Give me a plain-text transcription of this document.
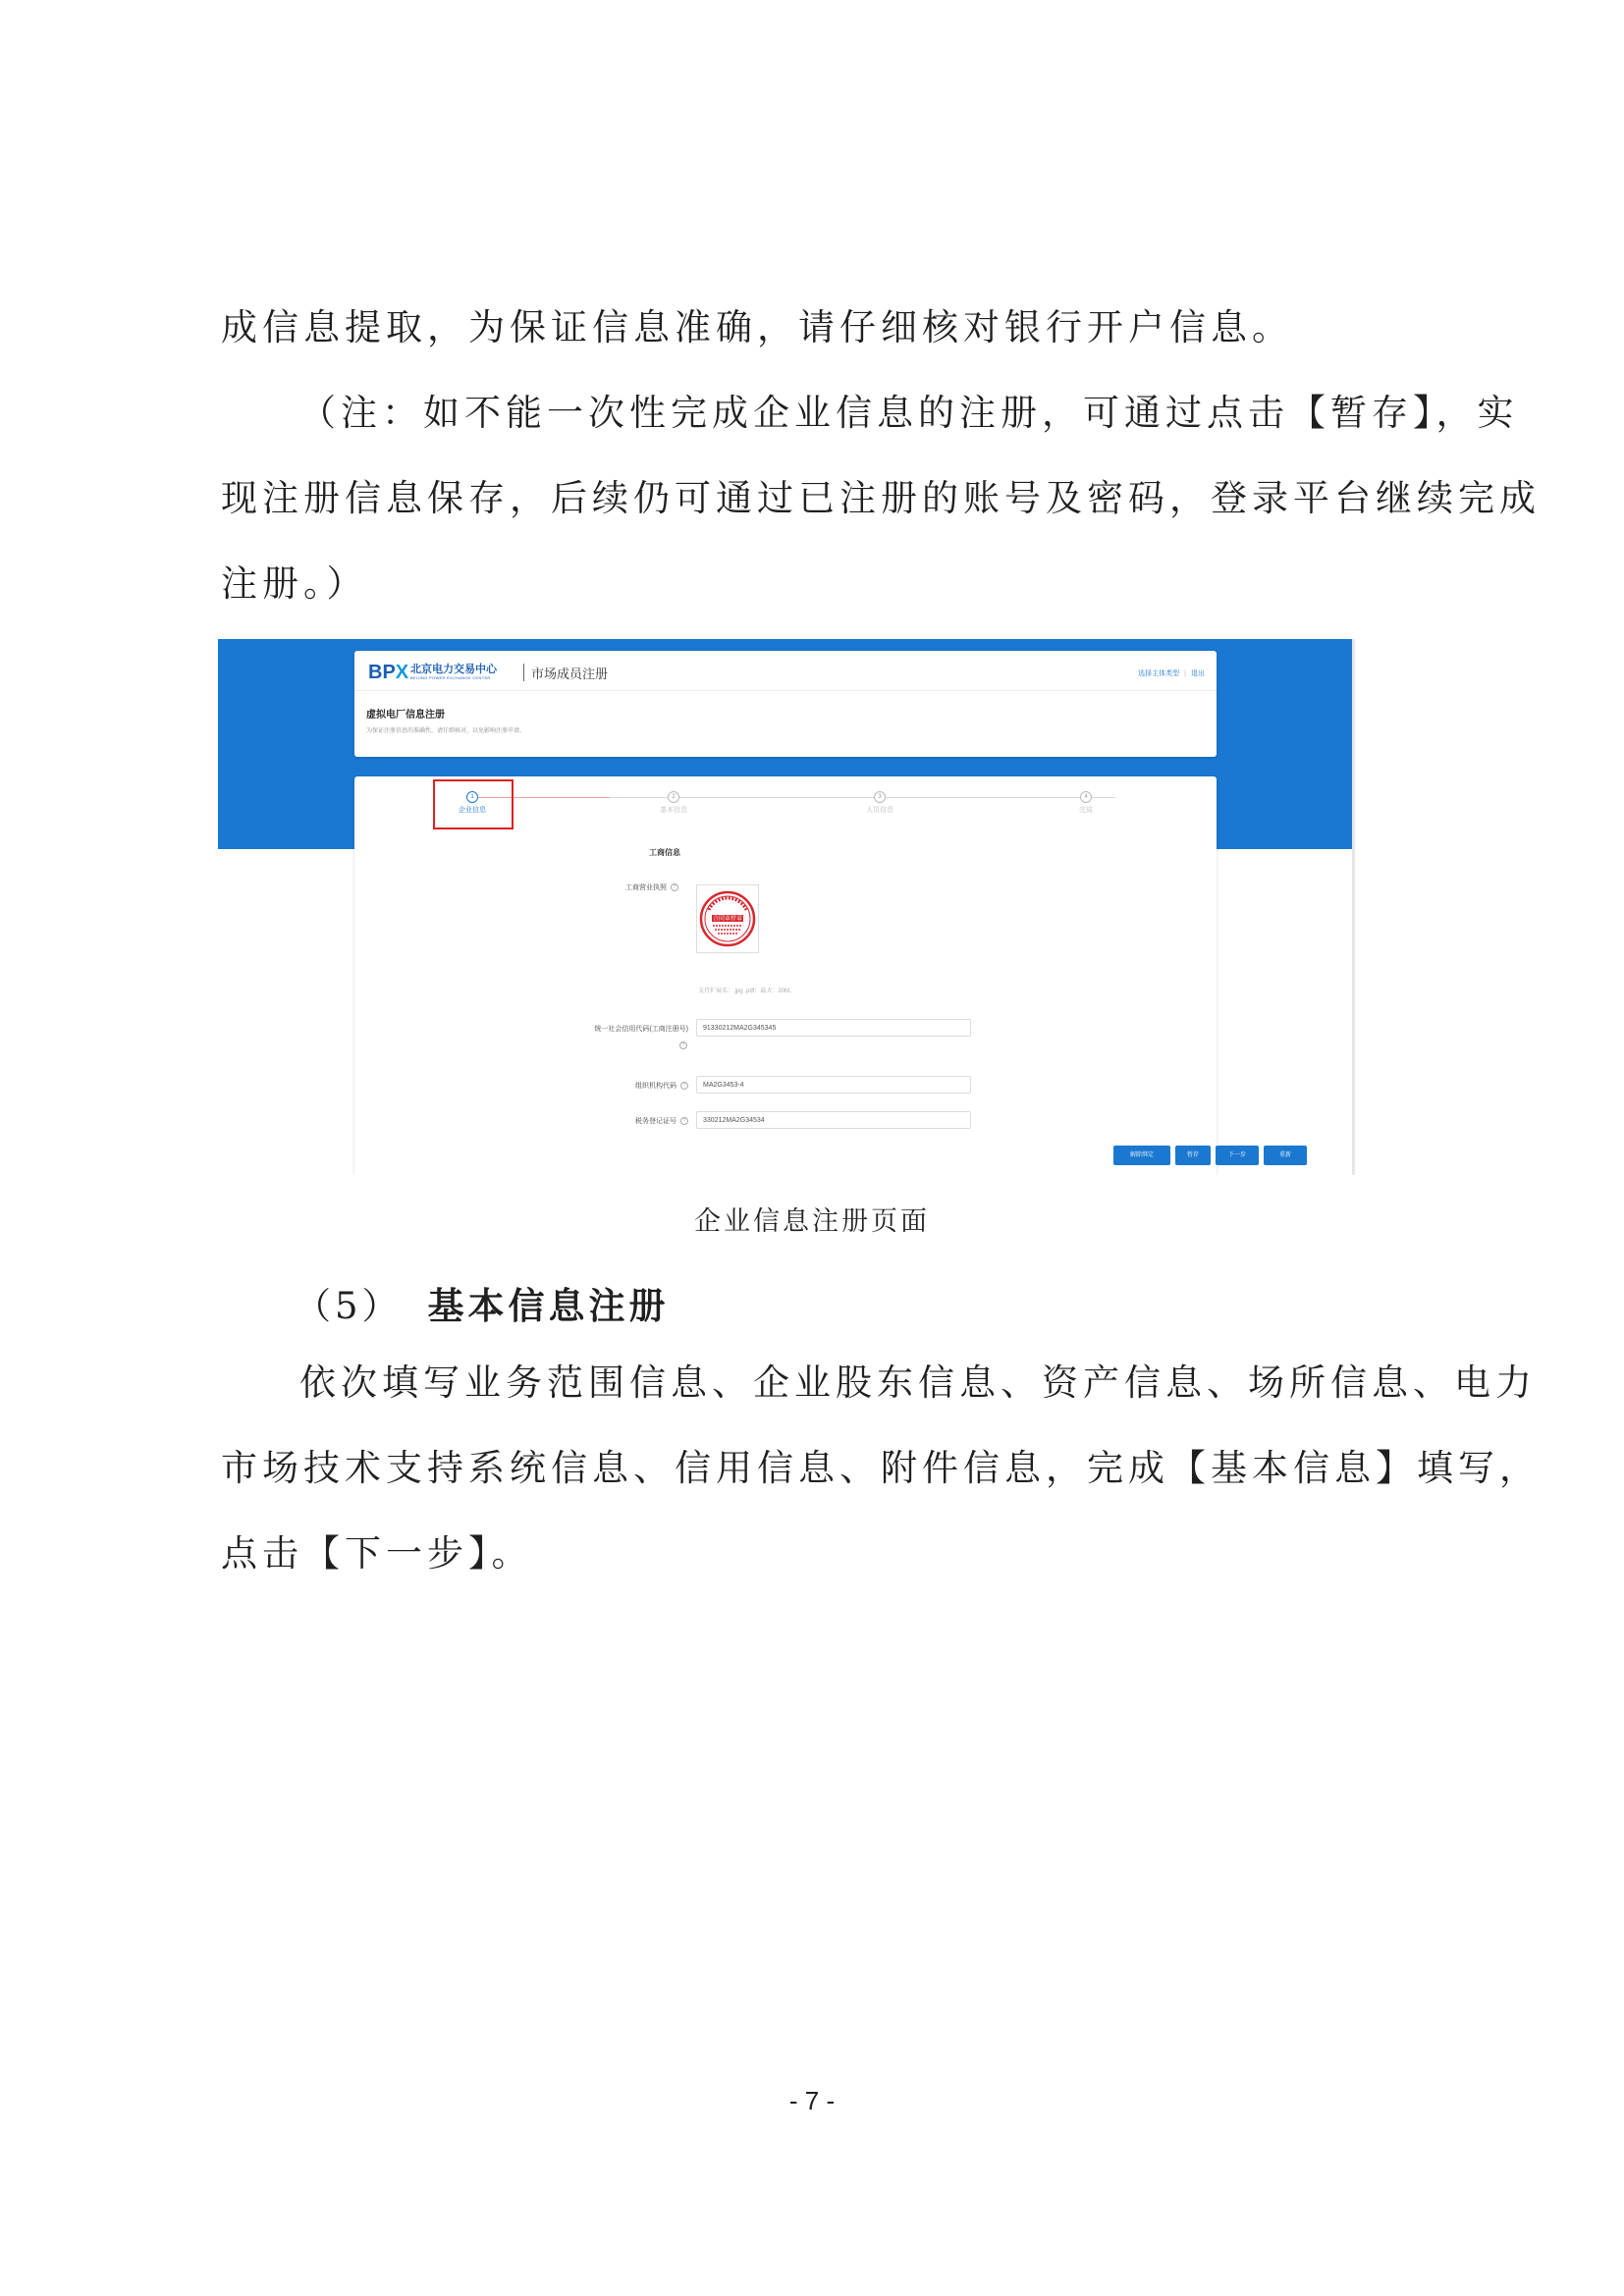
成信息提取，为保证信息准确，请仔细核对银行开户信息。
（注：如不能一次性完成企业信息的注册，可通过点击【暂存】，实
现注册信息保存，后续仍可通过已注册的账号及密码，登录平台继续完成
注册。）
BPX 北京电力交易中心
BEIJING POWER EXCHANGE CENTER	市场成员注册	选择主体类型 | 退出
虚拟电厂信息注册
为保证注册信息的准确性，请仔细核对，以免影响注册申请。
1
企业信息
2
基本信息
3
人员信息
4
完成
工商信息
工商营业执照 ?
合同章样章
支持扩展名：.jpg .pdf；最大：20M。
统一社会信用代码(工商注册号)
?
91330212MA2G345345
组织机构代码 ?	MA2G3453-4
税务登记证号 ?	330212MA2G34534
解除绑定	暂存	下一步	重新
企业信息注册页面
（5） 基本信息注册
依次填写业务范围信息、企业股东信息、资产信息、场所信息、电力
市场技术支持系统信息、信用信息、附件信息，完成【基本信息】填写，
点击【下一步】。
- 7 -
